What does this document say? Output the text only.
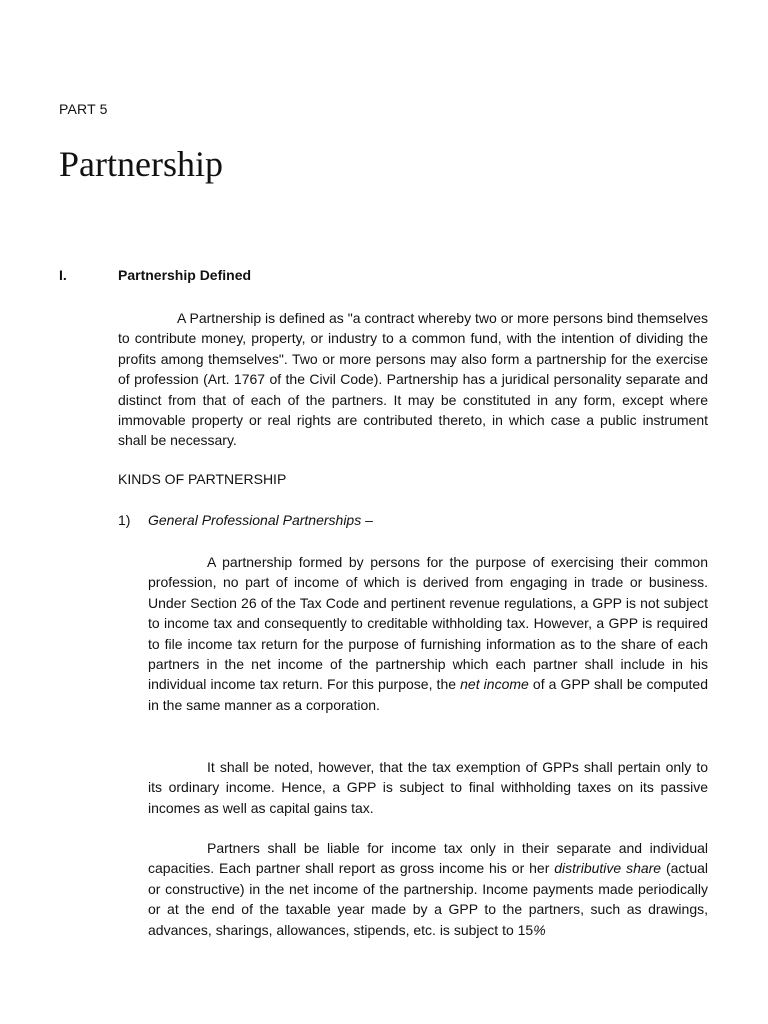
PART 5
Partnership
I.	Partnership Defined

A Partnership is defined as "a contract whereby two or more persons bind themselves to contribute money, property, or industry to a common fund, with the intention of dividing the profits among themselves". Two or more persons may also form a partnership for the exercise of profession (Art. 1767 of the Civil Code). Partnership has a juridical personality separate and distinct from that of each of the partners. It may be constituted in any form, except where immovable property or real rights are contributed thereto, in which case a public instrument shall be necessary.

KINDS OF PARTNERSHIP
1) General Professional Partnerships –

A partnership formed by persons for the purpose of exercising their common profession, no part of income of which is derived from engaging in trade or business. Under Section 26 of the Tax Code and pertinent revenue regulations, a GPP is not subject to income tax and consequently to creditable withholding tax. However, a GPP is required to file income tax return for the purpose of furnishing information as to the share of each partners in the net income of the partnership which each partner shall include in his individual income tax return. For this purpose, the net income of a GPP shall be computed in the same manner as a corporation.

It shall be noted, however, that the tax exemption of GPPs shall pertain only to its ordinary income. Hence, a GPP is subject to final withholding taxes on its passive incomes as well as capital gains tax.

Partners shall be liable for income tax only in their separate and individual capacities. Each partner shall report as gross income his or her distributive share (actual or constructive) in the net income of the partnership. Income payments made periodically or at the end of the taxable year made by a GPP to the partners, such as drawings, advances, sharings, allowances, stipends, etc. is subject to 15%
